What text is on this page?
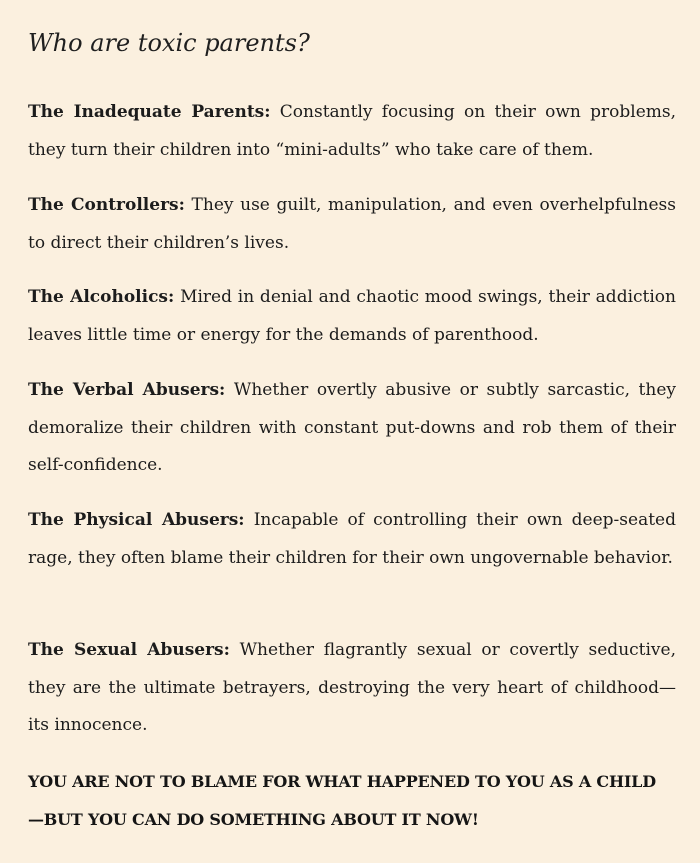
Who are toxic parents?

The Inadequate Parents: Constantly focusing on their own problems, they turn their children into “mini-adults” who take care of them.

The Controllers: They use guilt, manipulation, and even overhelpfulness to direct their children’s lives.

The Alcoholics: Mired in denial and chaotic mood swings, their addiction leaves little time or energy for the demands of parenthood.

The Verbal Abusers: Whether overtly abusive or subtly sarcastic, they demoralize their children with constant put-downs and rob them of their self-confidence.

The Physical Abusers: Incapable of controlling their own deep-seated rage, they often blame their children for their own ungovernable behavior.

The Sexual Abusers: Whether flagrantly sexual or covertly seductive, they are the ultimate betrayers, destroying the very heart of childhood—its innocence.

YOU ARE NOT TO BLAME FOR WHAT HAPPENED TO YOU AS A CHILD
—BUT YOU CAN DO SOMETHING ABOUT IT NOW!
